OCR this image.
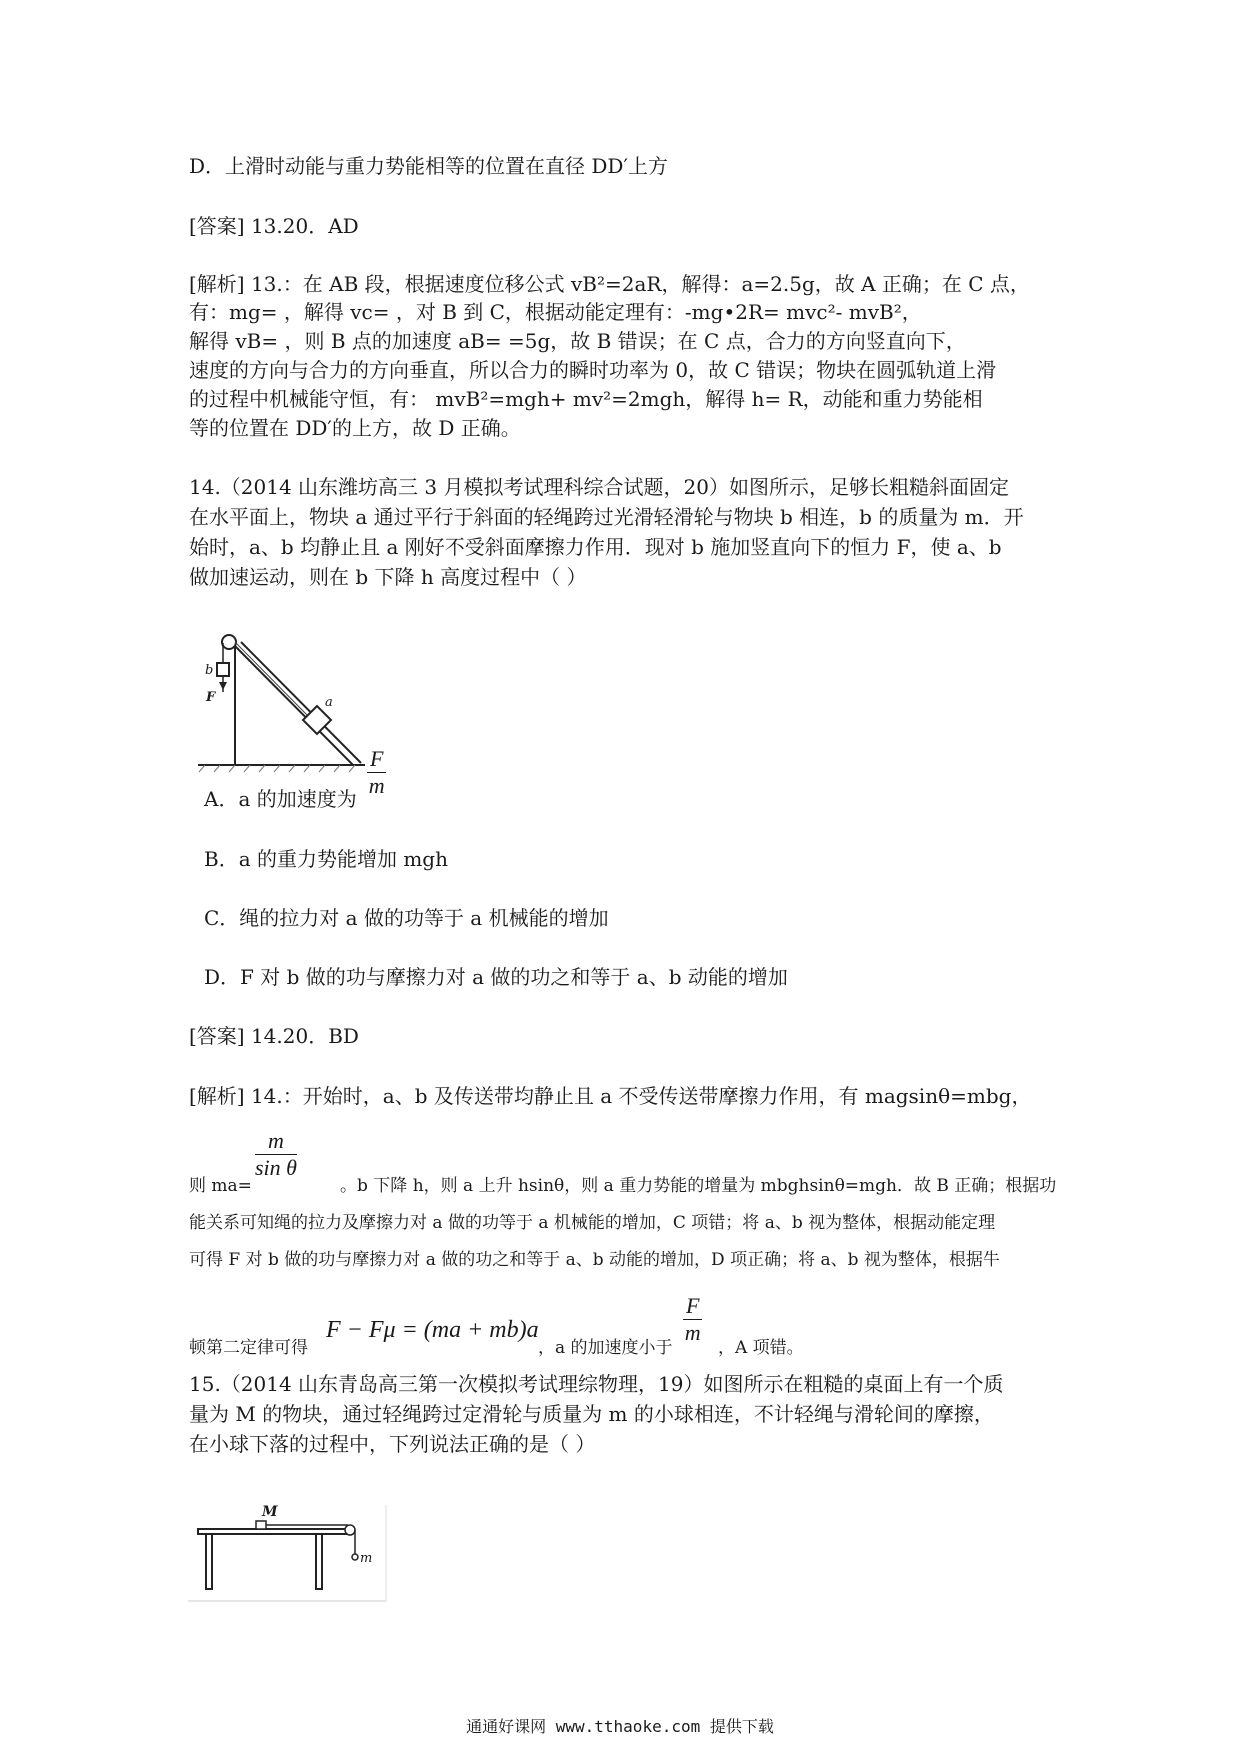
D．上滑时动能与重力势能相等的位置在直径 DD′上方
[答案] 13.20．AD
[解析] 13.：在 AB 段，根据速度位移公式 vB²=2aR，解得：a=2.5g，故 A 正确；在 C 点，
有：mg= ，解得 vc= ，对 B 到 C，根据动能定理有：-mg•2R= mvc²- mvB²，
解得 vB= ，则 B 点的加速度 aB= =5g，故 B 错误；在 C 点，合力的方向竖直向下，
速度的方向与合力的方向垂直，所以合力的瞬时功率为 0，故 C 错误；物块在圆弧轨道上滑
的过程中机械能守恒，有： mvB²=mgh+ mv²=2mgh，解得 h= R，动能和重力势能相
等的位置在 DD′的上方，故 D 正确。
14.（2014 山东潍坊高三 3 月模拟考试理科综合试题，20）如图所示，足够长粗糙斜面固定
在水平面上，物块 a 通过平行于斜面的轻绳跨过光滑轻滑轮与物块 b 相连，b 的质量为 m．开
始时，a、b 均静止且 a 刚好不受斜面摩擦力作用．现对 b 施加竖直向下的恒力 F，使 a、b
做加速运动，则在 b 下降 h 高度过程中（ ）
b
F	a
$\frac{F}{m}$
A．a 的加速度为
B．a 的重力势能增加 mgh
C．绳的拉力对 a 做的功等于 a 机械能的增加
D．F 对 b 做的功与摩擦力对 a 做的功之和等于 a、b 动能的增加
[答案] 14.20．BD
[解析] 14.：开始时，a、b 及传送带均静止且 a 不受传送带摩擦力作用，有 magsinθ=mbg，
$\frac{m}{\text{sin θ}}$
则 ma=	。b 下降 h，则 a 上升 hsinθ，则 a 重力势能的增量为 mbghsinθ=mgh．故 B 正确；根据功
能关系可知绳的拉力及摩擦力对 a 做的功等于 a 机械能的增加，C 项错；将 a、b 视为整体，根据动能定理
可得 F 对 b 做的功与摩擦力对 a 做的功之和等于 a、b 动能的增加，D 项正确；将 a、b 视为整体，根据牛
顿第二定律可得
F − Fμ = (ma + mb)a
，a 的加速度小于
$\frac{F}{m}$
，A 项错。
15.（2014 山东青岛高三第一次模拟考试理综物理，19）如图所示在粗糙的桌面上有一个质
量为 M 的物块，通过轻绳跨过定滑轮与质量为 m 的小球相连，不计轻绳与滑轮间的摩擦，
在小球下落的过程中，下列说法正确的是（ ）
M
m
通通好课网 www.tthaoke.com 提供下载
